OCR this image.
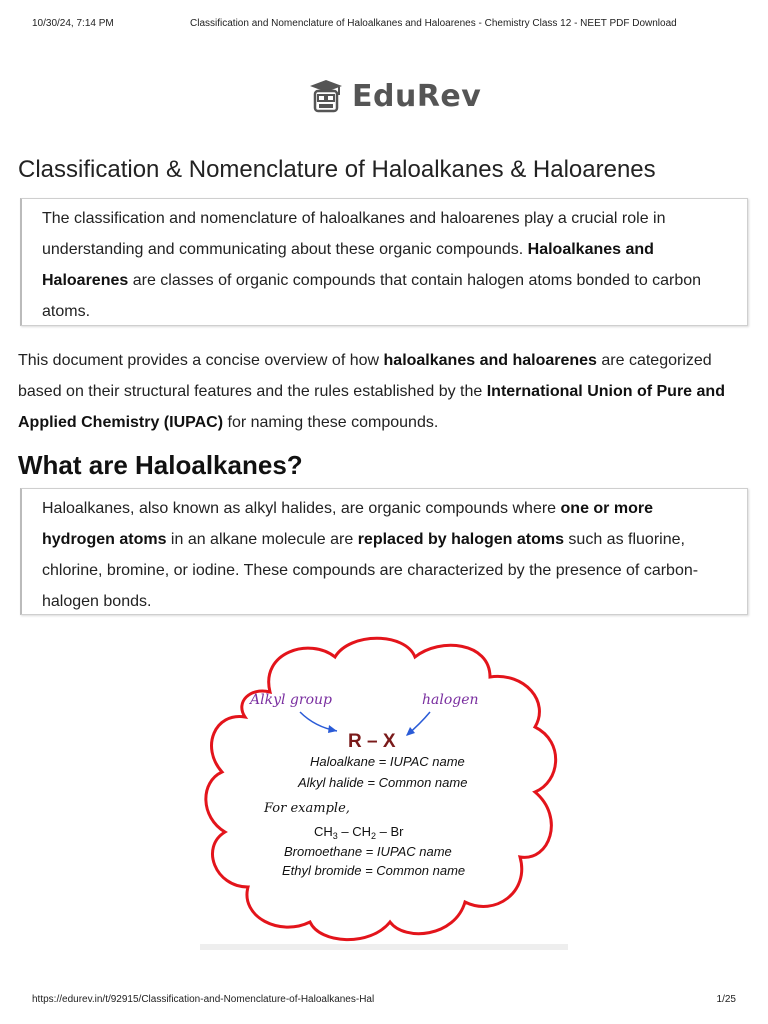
10/30/24, 7:14 PM	Classification and Nomenclature of Haloalkanes and Haloarenes - Chemistry Class 12 - NEET PDF Download
EduRev
Classification & Nomenclature of Haloalkanes & Haloarenes
The classification and nomenclature of haloalkanes and haloarenes play a crucial role in understanding and communicating about these organic compounds. Haloalkanes and Haloarenes are classes of organic compounds that contain halogen atoms bonded to carbon atoms.
This document provides a concise overview of how haloalkanes and haloarenes are categorized based on their structural features and the rules established by the International Union of Pure and Applied Chemistry (IUPAC) for naming these compounds.
What are Haloalkanes?
Haloalkanes, also known as alkyl halides, are organic compounds where one or more hydrogen atoms in an alkane molecule are replaced by halogen atoms such as fluorine, chlorine, bromine, or iodine. These compounds are characterized by the presence of carbon-halogen bonds.
Alkyl group	halogen
R – X
Haloalkane = IUPAC name
Alkyl halide = Common name
For example,
$CH_3 - CH_2$ – Br
Bromoethane = IUPAC name
Ethyl bromide = Common name
https://edurev.in/t/92915/Classification-and-Nomenclature-of-Haloalkanes-Hal	1/25
